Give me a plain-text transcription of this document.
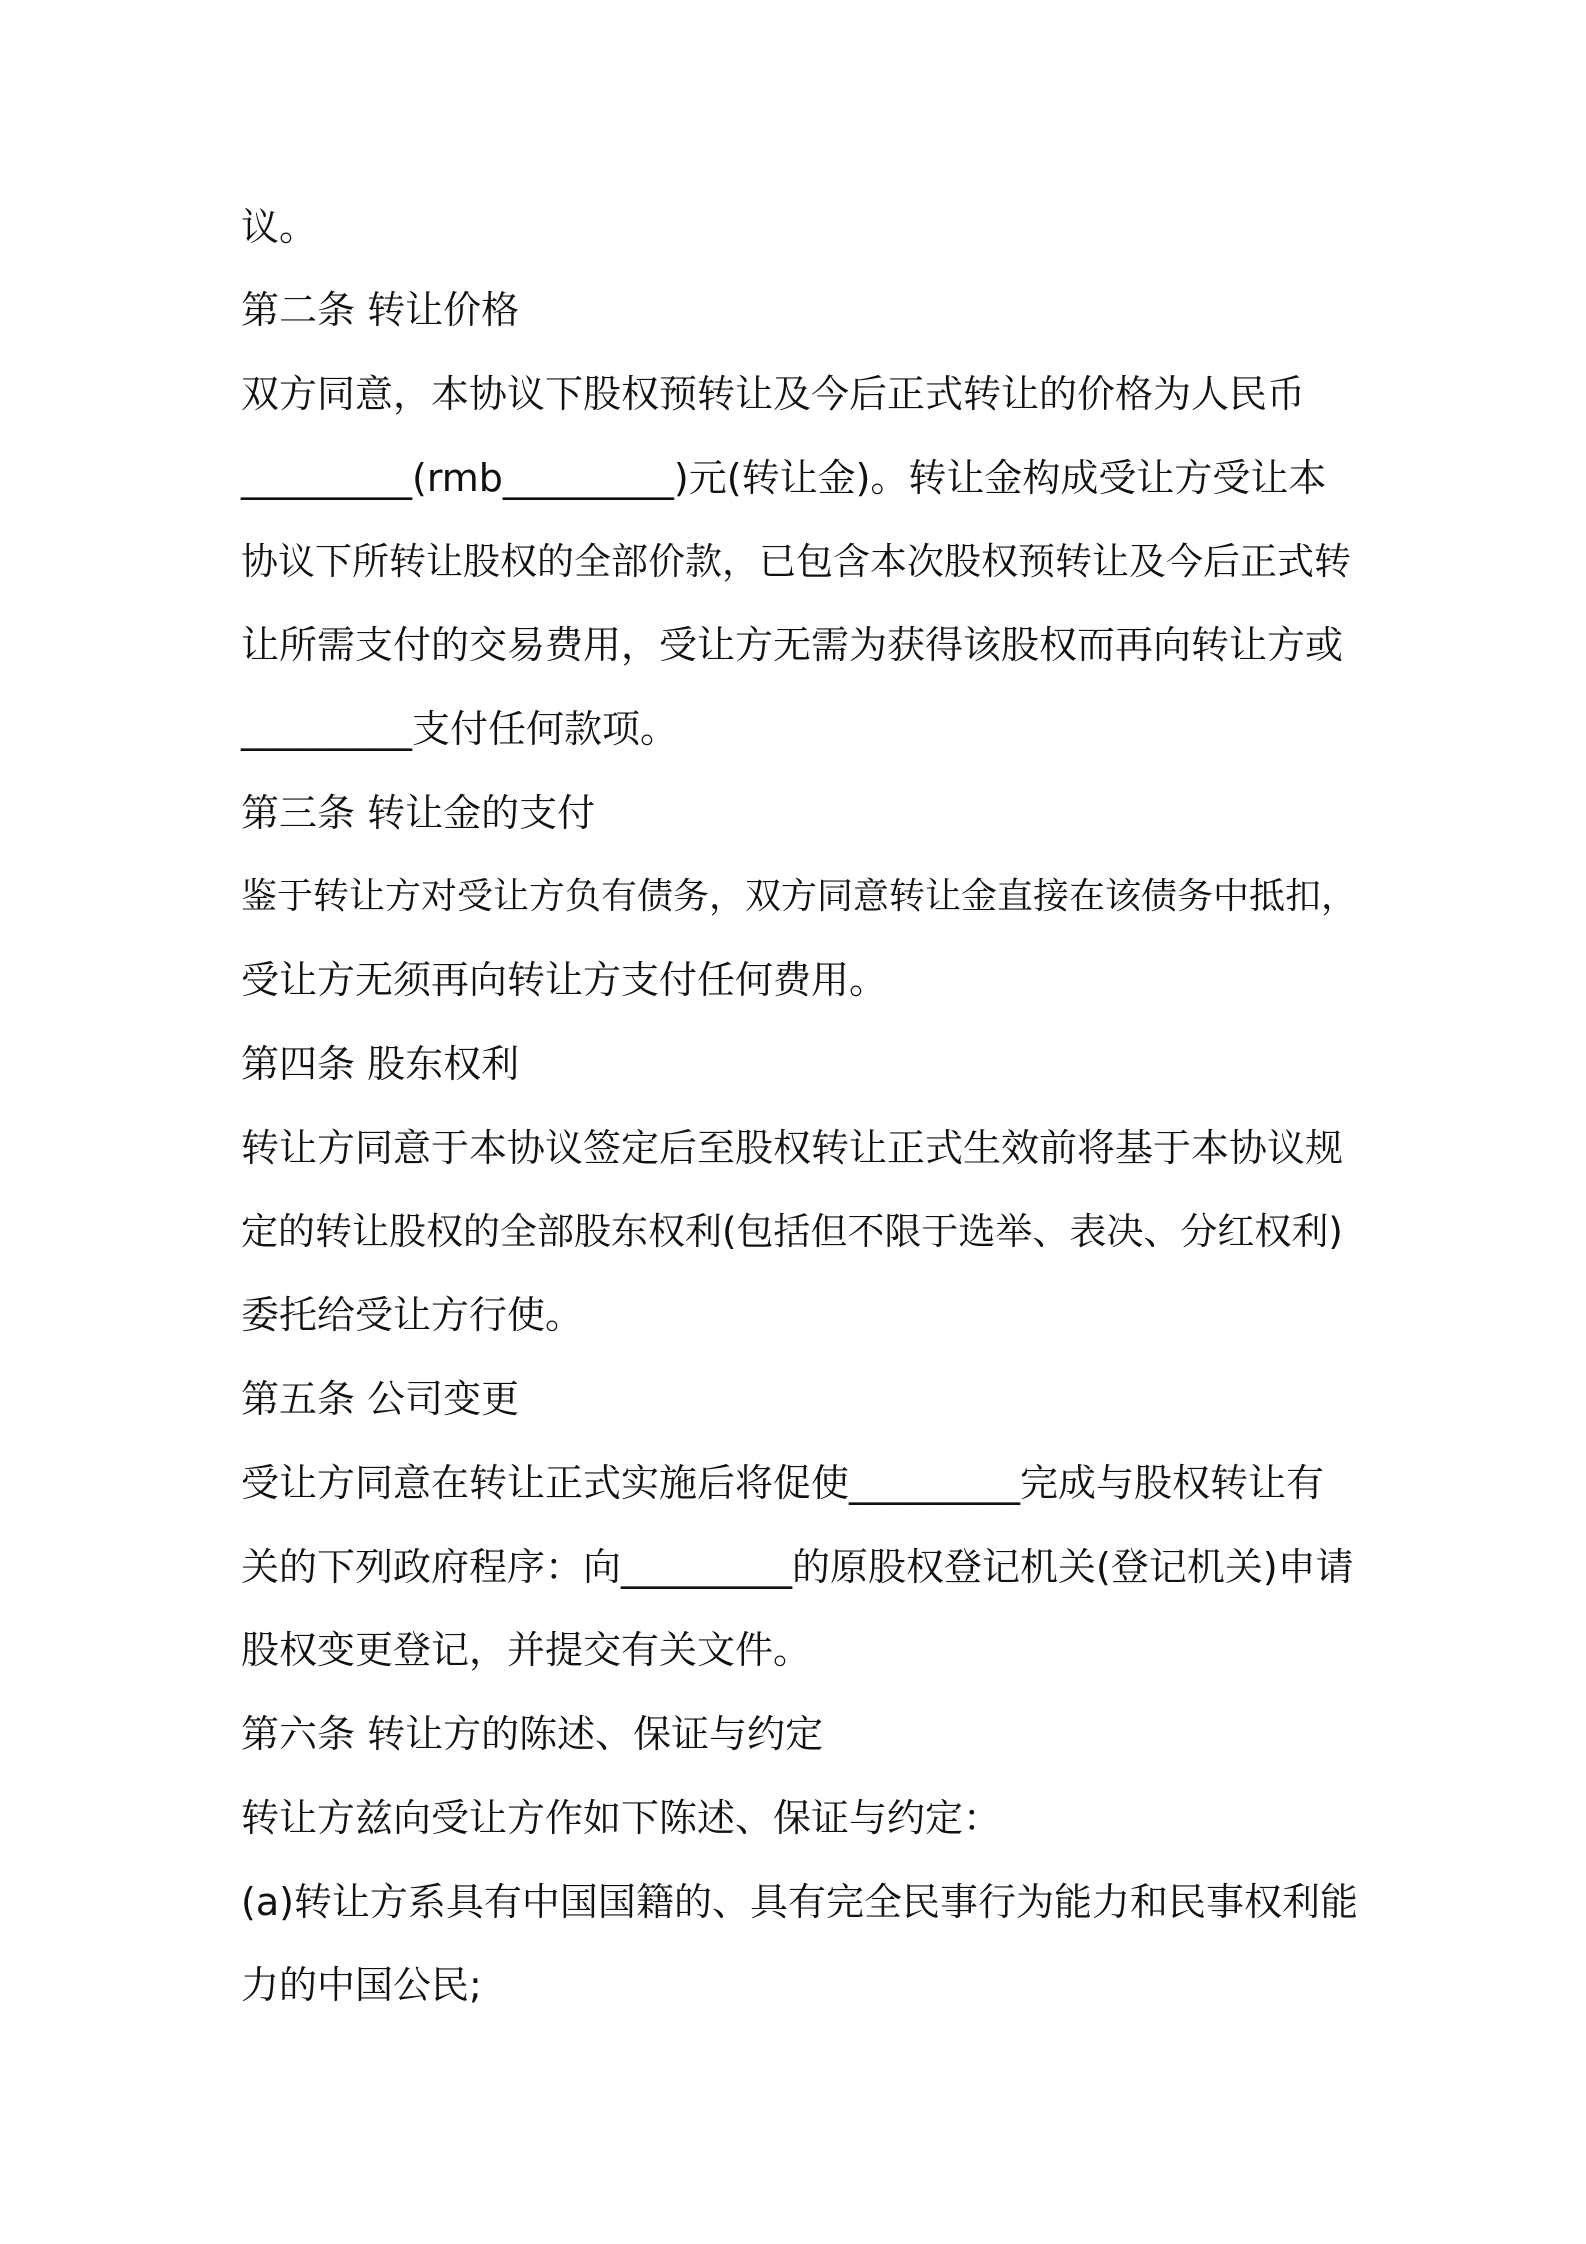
议。
第二条 转让价格
双方同意，本协议下股权预转让及今后正式转让的价格为人民币
_________(rmb_________)元(转让金)。转让金构成受让方受让本
协议下所转让股权的全部价款，已包含本次股权预转让及今后正式转
让所需支付的交易费用，受让方无需为获得该股权而再向转让方或
_________支付任何款项。
第三条 转让金的支付
鉴于转让方对受让方负有债务，双方同意转让金直接在该债务中抵扣，
受让方无须再向转让方支付任何费用。
第四条 股东权利
转让方同意于本协议签定后至股权转让正式生效前将基于本协议规
定的转让股权的全部股东权利(包括但不限于选举、表决、分红权利)
委托给受让方行使。
第五条 公司变更
受让方同意在转让正式实施后将促使_________完成与股权转让有
关的下列政府程序：向_________的原股权登记机关(登记机关)申请
股权变更登记，并提交有关文件。
第六条 转让方的陈述、保证与约定
转让方兹向受让方作如下陈述、保证与约定：
(a)转让方系具有中国国籍的、具有完全民事行为能力和民事权利能
力的中国公民;
